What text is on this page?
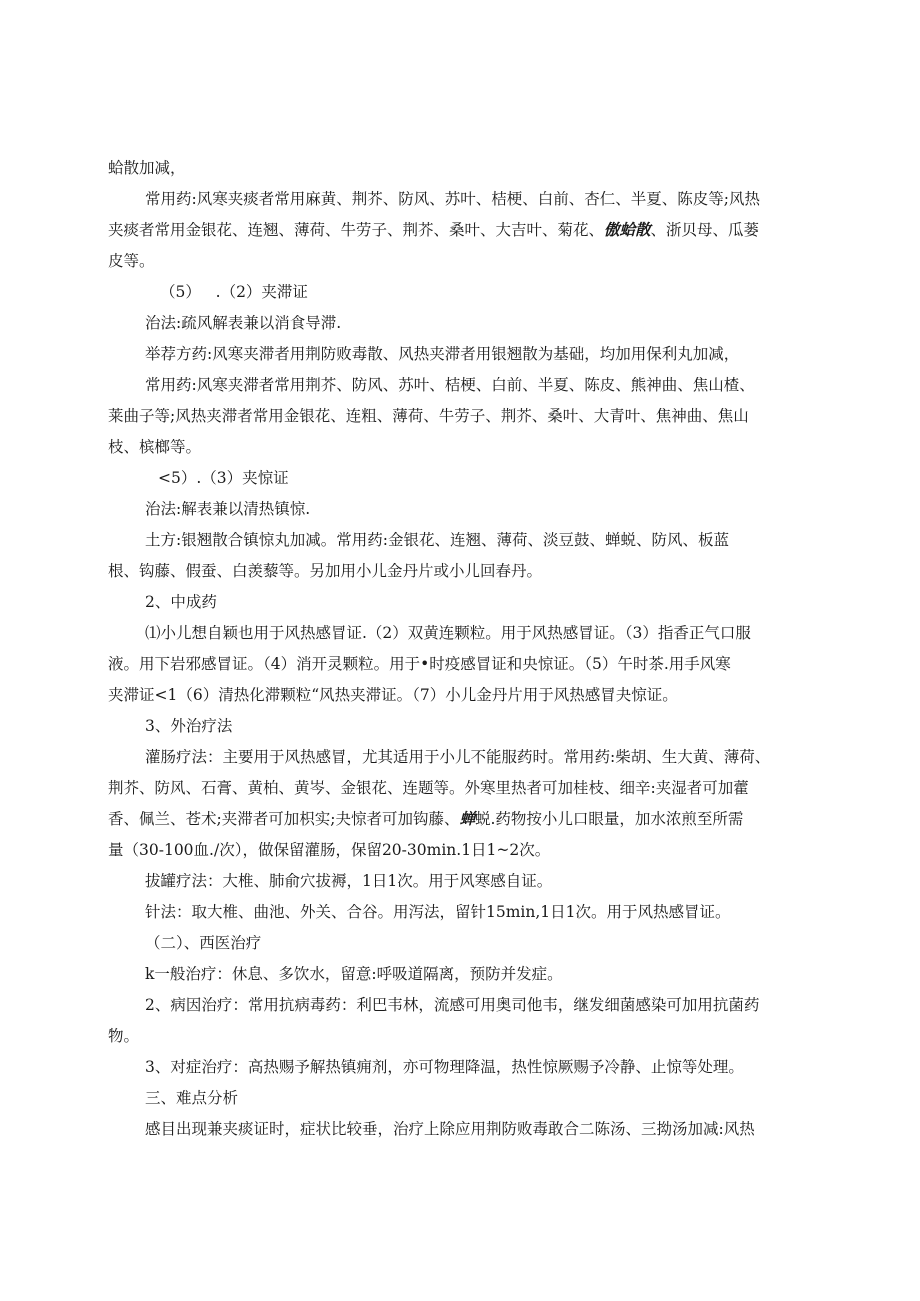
蛤散加减，
常用药:风寒夹痰者常用麻黄、荆芥、防风、苏叶、桔梗、白前、杏仁、半夏、陈皮等;风热
夹痰者常用金银花、连翘、薄荷、牛劳子、荆芥、桑叶、大吉叶、菊花、傲蛤散、浙贝母、瓜蒌
皮等。
（5）   .（2）夹滞证
治法:疏风解表兼以消食导滞.
举荐方药:风寒夹滞者用荆防败毒散、风热夹滞者用银翘散为基础，均加用保利丸加减，
常用药:风寒夹滞者常用荆芥、防风、苏叶、桔梗、白前、半夏、陈皮、熊神曲、焦山楂、
莱曲子等;风热夹滞者常用金银花、连粗、薄荷、牛劳子、荆芥、桑叶、大青叶、焦神曲、焦山
枝、槟榔等。
<5）.（3）夹惊证
治法:解表兼以清热镇惊.
土方:银翘散合镇惊丸加减。常用药:金银花、连翘、薄荷、淡豆鼓、蝉蜕、防风、板蓝
根、钩藤、假蚕、白羡藜等。另加用小儿金丹片或小儿回春丹。
2、中成药
⑴小儿想自颖也用于风热感冒证.（2）双黄连颗粒。用于风热感冒证。（3）指香正气口服
液。用下岩邪感冒证。（4）消开灵颗粒。用于•时疫感冒证和央惊证。（5）午时茶.用手风寒
夹滞证<1（6）清热化滞颗粒“风热夹滞证。（7）小儿金丹片用于风热感冒夬惊证。
3、外治疗法
灌肠疗法：主要用于风热感冒，尤其适用于小儿不能服药时。常用药:柴胡、生大黄、薄荷、
荆芥、防风、石膏、黄柏、黄岑、金银花、连题等。外寒里热者可加桂枝、细辛:夹湿者可加藿
香、佩兰、苍术;夹滞者可加枳实;夬惊者可加钩藤、蝉蜕.药物按小儿口眼量，加水浓煎至所需
量（30-100血./次），做保留灌肠，保留20-30min.1日1~2次。
拔罐疗法：大椎、肺俞穴拔褥，1日1次。用于风寒感自证。
针法：取大椎、曲池、外关、合谷。用泻法，留针15min,1日1次。用于风热感冒证。
（二）、西医治疗
k一般治疗：休息、多饮水，留意:呼吸道隔离，预防并发症。
2、病因治疗：常用抗病毒药：利巴韦林，流感可用奥司他韦，继发细菌感染可加用抗菌药
物。
3、对症治疗：高热赐予解热镇痈剂，亦可物理降温，热性惊厥赐予冷静、止惊等处理。
三、难点分析
感目出现兼夹痰证时，症状比较垂，治疗上除应用荆防败毒敢合二陈汤、三拗汤加减:风热
